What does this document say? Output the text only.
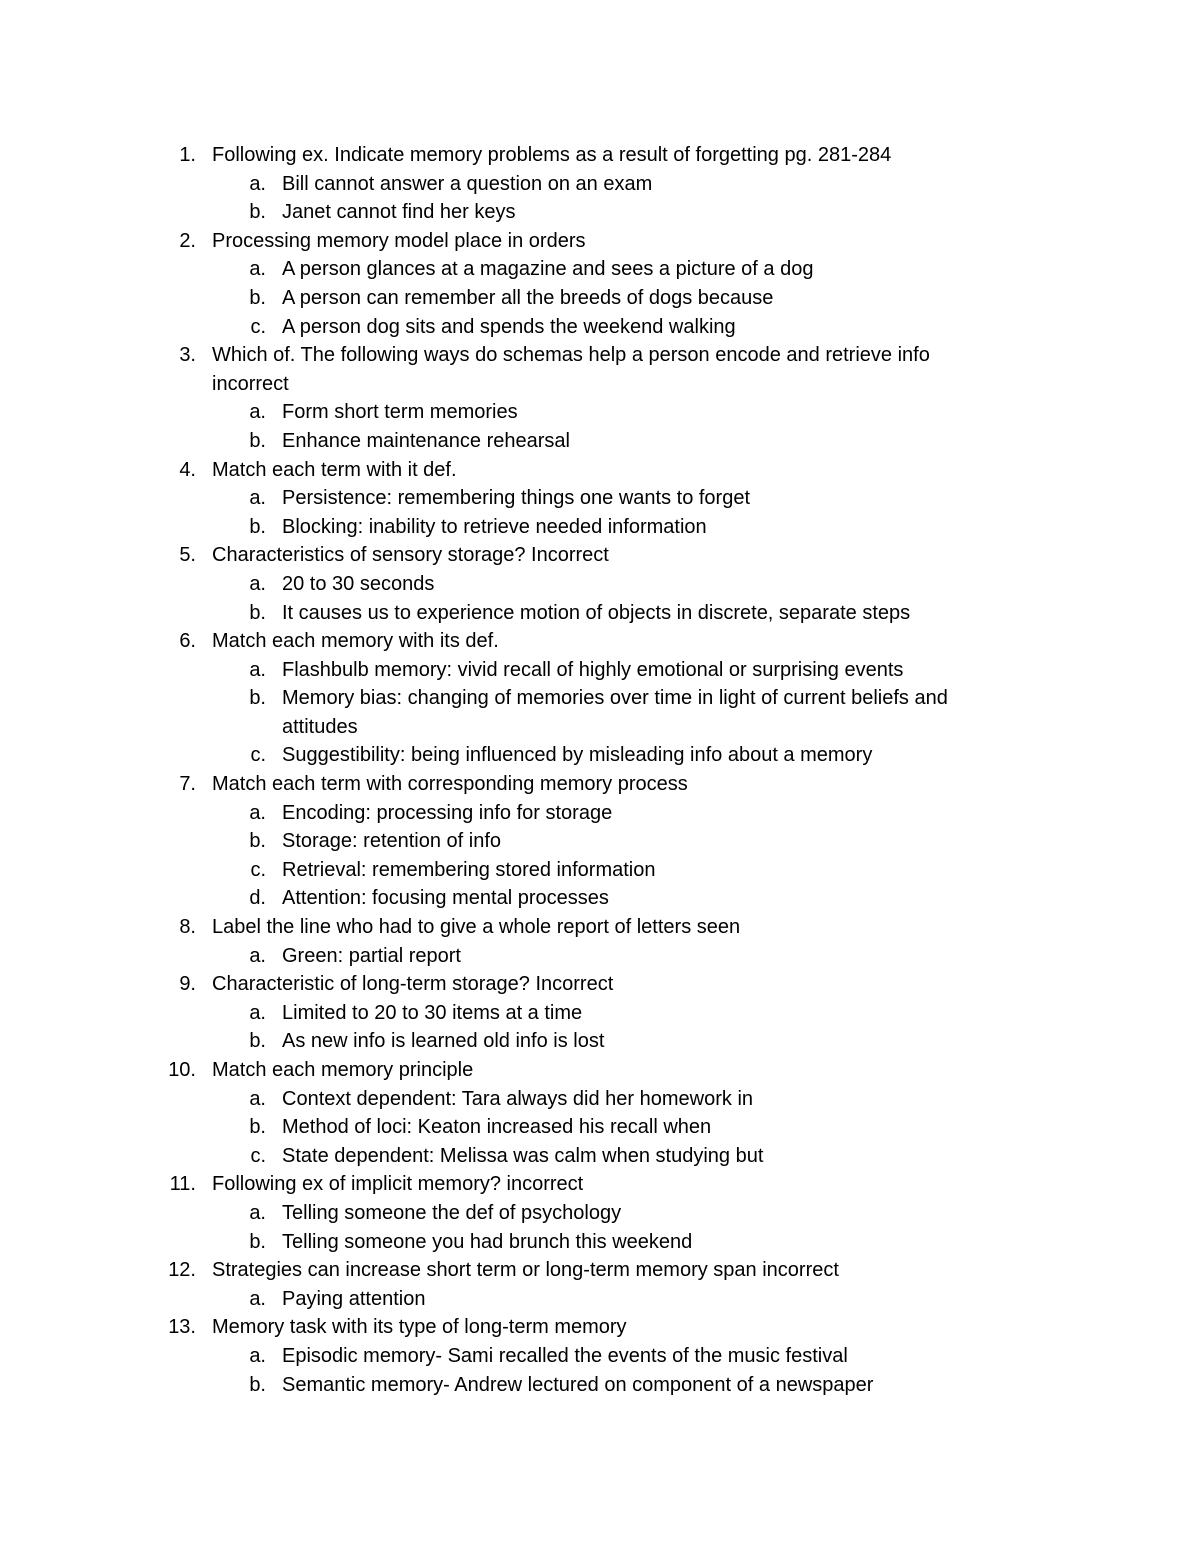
1. Following ex. Indicate memory problems as a result of forgetting pg. 281-284
a. Bill cannot answer a question on an exam
b. Janet cannot find her keys
2. Processing memory model place in orders
a. A person glances at a magazine and sees a picture of a dog
b. A person can remember all the breeds of dogs because
c. A person dog sits and spends the weekend walking
3. Which of. The following ways do schemas help a person encode and retrieve info
incorrect
a. Form short term memories
b. Enhance maintenance rehearsal
4. Match each term with it def.
a. Persistence: remembering things one wants to forget
b. Blocking: inability to retrieve needed information
5. Characteristics of sensory storage? Incorrect
a. 20 to 30 seconds
b. It causes us to experience motion of objects in discrete, separate steps
6. Match each memory with its def.
a. Flashbulb memory: vivid recall of highly emotional or surprising events
b. Memory bias: changing of memories over time in light of current beliefs and
attitudes
c. Suggestibility: being influenced by misleading info about a memory
7. Match each term with corresponding memory process
a. Encoding: processing info for storage
b. Storage: retention of info
c. Retrieval: remembering stored information
d. Attention: focusing mental processes
8. Label the line who had to give a whole report of letters seen
a. Green: partial report
9. Characteristic of long-term storage? Incorrect
a. Limited to 20 to 30 items at a time
b. As new info is learned old info is lost
10. Match each memory principle
a. Context dependent: Tara always did her homework in
b. Method of loci: Keaton increased his recall when
c. State dependent: Melissa was calm when studying but
11. Following ex of implicit memory? incorrect
a. Telling someone the def of psychology
b. Telling someone you had brunch this weekend
12. Strategies can increase short term or long-term memory span incorrect
a. Paying attention
13. Memory task with its type of long-term memory
a. Episodic memory- Sami recalled the events of the music festival
b. Semantic memory- Andrew lectured on component of a newspaper
